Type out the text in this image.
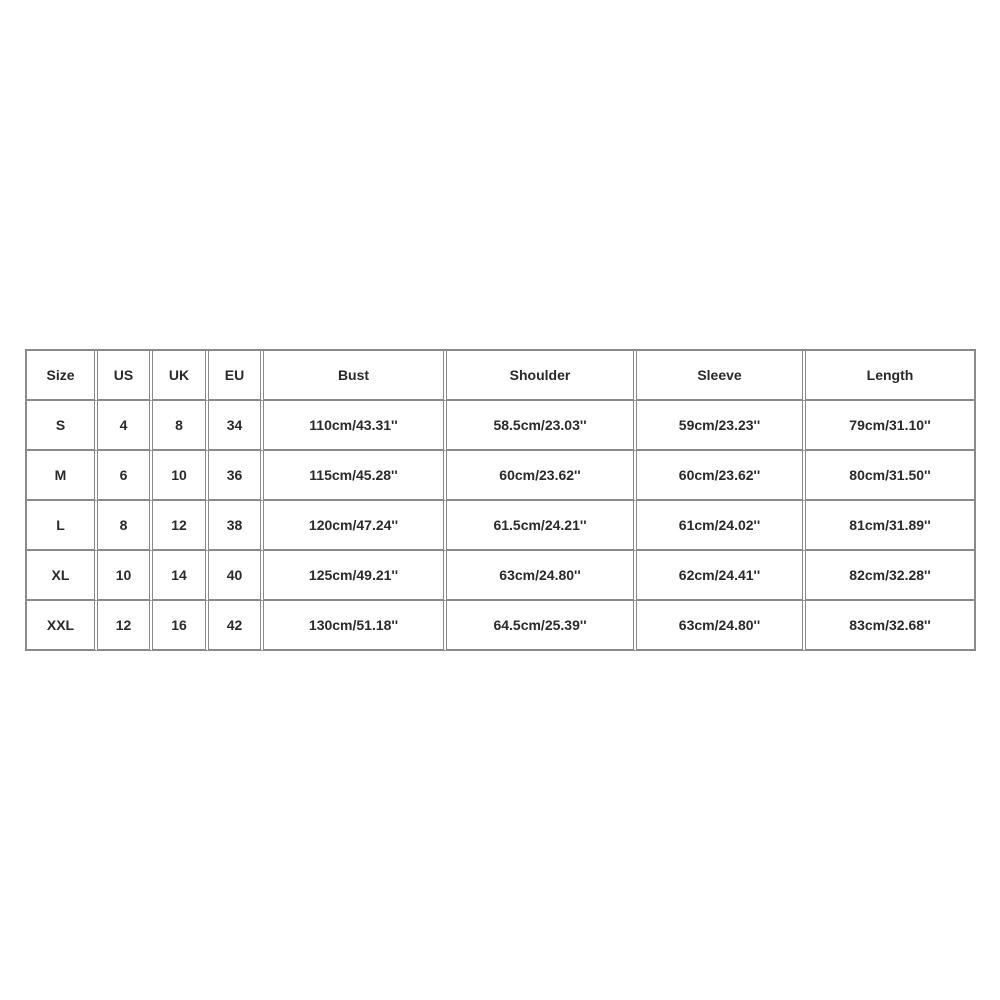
Size	US	UK	EU	Bust	Shoulder	Sleeve	Length
S	4	8	34	110cm/43.31''	58.5cm/23.03''	59cm/23.23''	79cm/31.10''
M	6	10	36	115cm/45.28''	60cm/23.62''	60cm/23.62''	80cm/31.50''
L	8	12	38	120cm/47.24''	61.5cm/24.21''	61cm/24.02''	81cm/31.89''
XL	10	14	40	125cm/49.21''	63cm/24.80''	62cm/24.41''	82cm/32.28''
XXL	12	16	42	130cm/51.18''	64.5cm/25.39''	63cm/24.80''	83cm/32.68''
